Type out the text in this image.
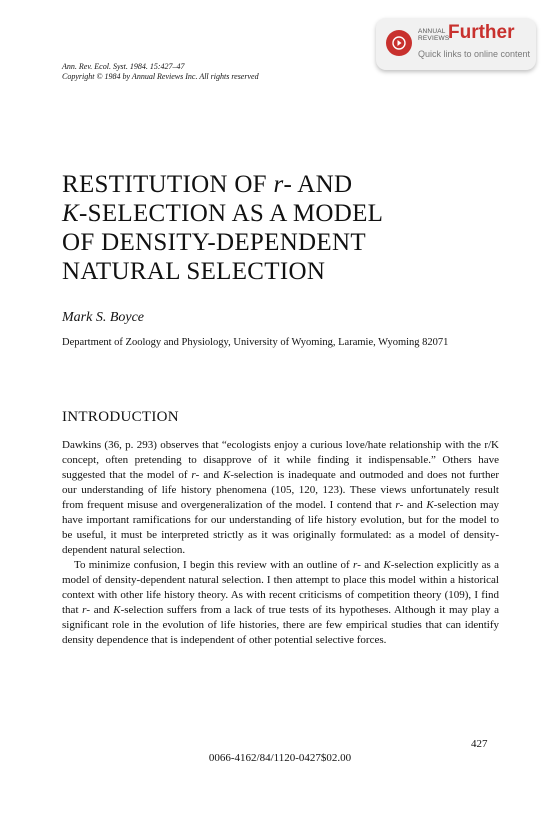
ANNUAL
REVIEWS
Further
Quick links to online content
Ann. Rev. Ecol. Syst. 1984. 15:427–47
Copyright © 1984 by Annual Reviews Inc. All rights reserved
RESTITUTION OF r- AND
K-SELECTION AS A MODEL
OF DENSITY-DEPENDENT
NATURAL SELECTION
Mark S. Boyce
Department of Zoology and Physiology, University of Wyoming, Laramie, Wyoming 82071
INTRODUCTION

Dawkins (36, p. 293) observes that “ecologists enjoy a curious love/hate relationship with the r/K concept, often pretending to disapprove of it while finding it indispensable.” Others have suggested that the model of r- and K-selection is inadequate and outmoded and does not further our understanding of life history phenomena (105, 120, 123). These views unfortunately result from frequent misuse and overgeneralization of the model. I contend that r- and K-selection may have important ramifications for our understanding of life history evolution, but for the model to be useful, it must be interpreted strictly as it was originally formulated: as a model of density-dependent natural selection.

To minimize confusion, I begin this review with an outline of r- and K-selection explicitly as a model of density-dependent natural selection. I then attempt to place this model within a historical context with other life history theory. As with recent criticisms of competition theory (109), I find that r- and K-selection suffers from a lack of true tests of its hypotheses. Although it may play a significant role in the evolution of life histories, there are few empirical studies that can identify density dependence that is independent of other potential selective forces.

427
0066-4162/84/1120-0427$02.00
